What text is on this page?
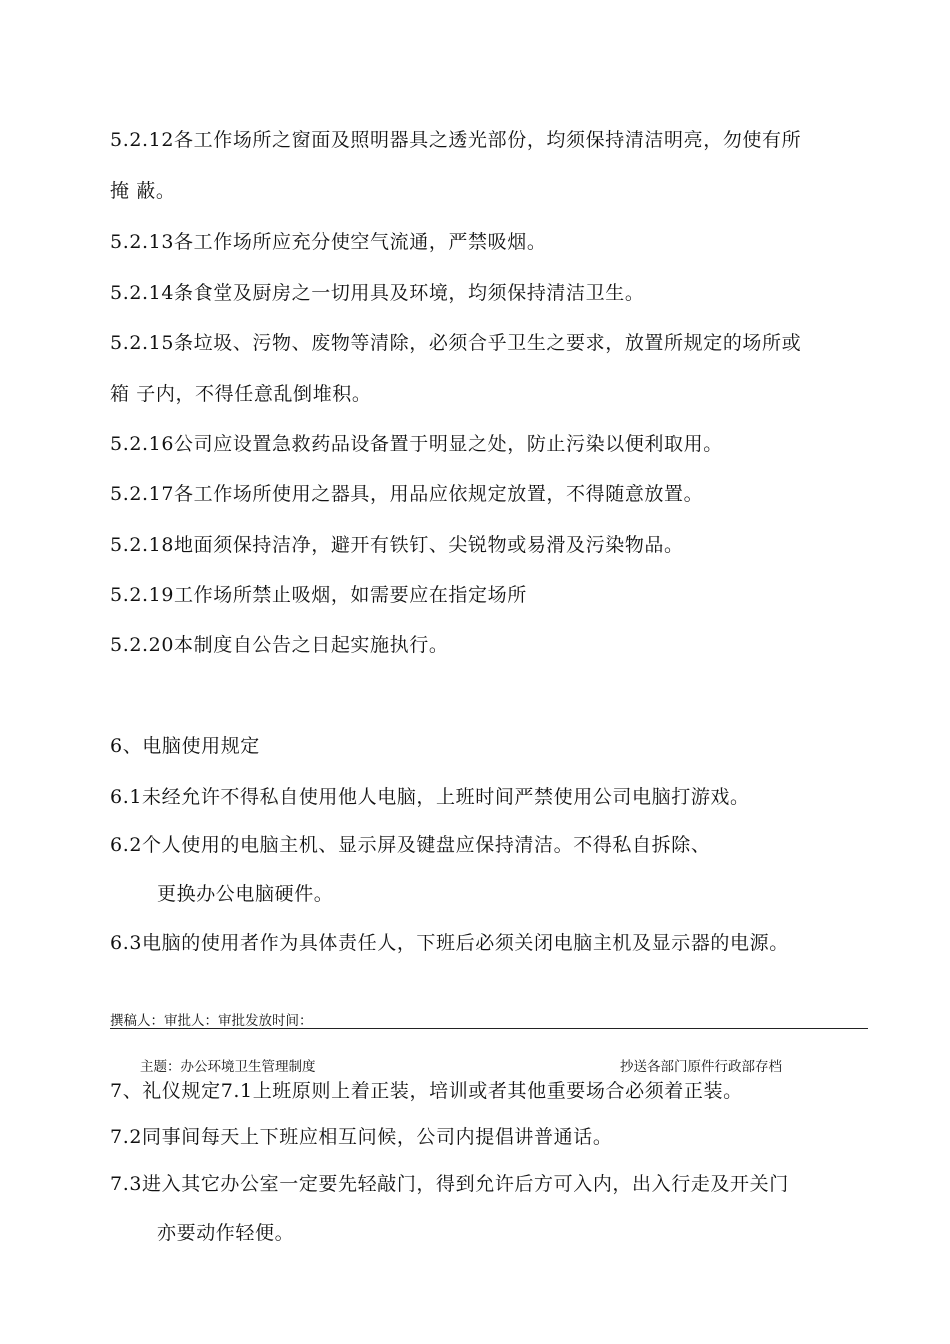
5.2.12各工作场所之窗面及照明器具之透光部份，均须保持清洁明亮，勿使有所
掩 蔽。
5.2.13各工作场所应充分使空气流通，严禁吸烟。
5.2.14条食堂及厨房之一切用具及环境，均须保持清洁卫生。
5.2.15条垃圾、污物、废物等清除，必须合乎卫生之要求，放置所规定的场所或
箱 子内，不得任意乱倒堆积。
5.2.16公司应设置急救药品设备置于明显之处，防止污染以便利取用。
5.2.17各工作场所使用之器具，用品应依规定放置，不得随意放置。
5.2.18地面须保持洁净，避开有铁钉、尖锐物或易滑及污染物品。
5.2.19工作场所禁止吸烟，如需要应在指定场所
5.2.20本制度自公告之日起实施执行。
6、电脑使用规定
6.1未经允许不得私自使用他人电脑，上班时间严禁使用公司电脑打游戏。
6.2个人使用的电脑主机、显示屏及键盘应保持清洁。不得私自拆除、
更换办公电脑硬件。
6.3电脑的使用者作为具体责任人，下班后必须关闭电脑主机及显示器的电源。
撰稿人：审批人：审批发放时间：
主题：办公环境卫生管理制度	抄送各部门原件行政部存档
7、礼仪规定7.1上班原则上着正装，培训或者其他重要场合必须着正装。
7.2同事间每天上下班应相互问候，公司内提倡讲普通话。
7.3进入其它办公室一定要先轻敲门，得到允许后方可入内，出入行走及开关门
亦要动作轻便。
